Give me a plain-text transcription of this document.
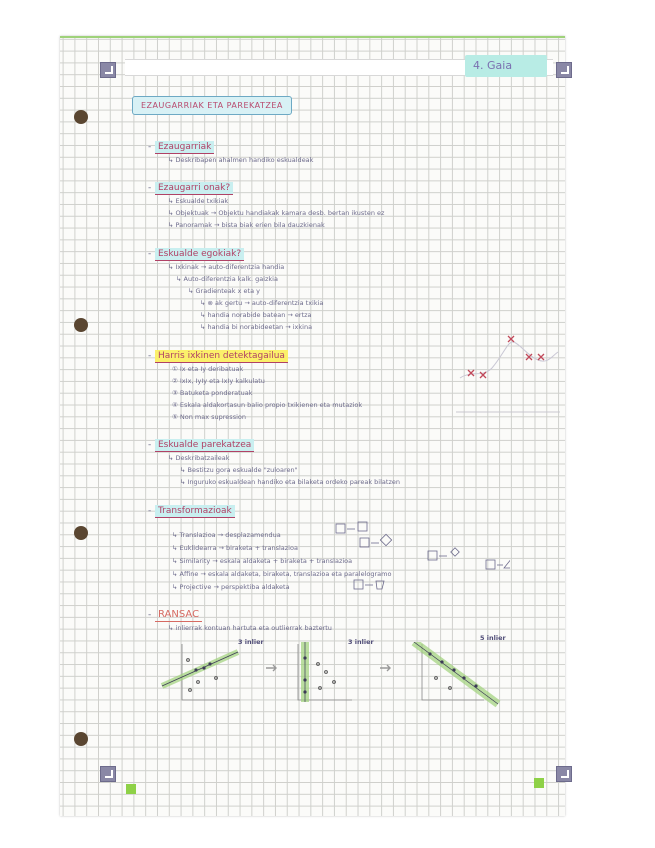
4. Gaia
EZAUGARRIAK ETA PAREKATZEA
- Ezaugarriak
↳ Deskribapen ahalmen handiko eskualdeak
- Ezaugarri onak?
↳ Eskualde txikiak
↳ Objektuak → Objektu handiakak kamara desb. bertan ikusten ez
↳ Panoramak → bista biak erien bila dauzkienak
- Eskualde egokiak?
↳ Ixkinak → auto-diferentzia handia
↳ Auto-diferentzia kalk. gaizkia
↳ Gradienteak x eta y
↳ ⊗ ak gertu → auto-diferentzia txikia
↳ handia norabide batean → ertza
↳ handia bi norabideetan → ixkina
- Harris ixkinen detektagailua
① Ix eta Iy deribatuak
② IxIx, IyIy eta IxIy kalkulatu
③ Batuketa ponderatuak
④ Eskala aldakortasun balio propio txikienen eta mutaziok
⑤ Non max supression
- Eskualde parekatzea
↳ Deskribatzaileak
↳ Bestitzu gora eskualde "zuloaren"
↳ Inguruko eskualdean handiko eta bilaketa ordeko pareak bilatzen
- Transformazioak
↳ Translazioa → desplazamendua
↳ Euklidearra → biraketa + translazioa
↳ Similarity → eskala aldaketa + biraketa + translazioa
↳ Affine → eskala aldaketa, biraketa, translazioa eta paralelogramo
↳ Projective → perspektiba aldaketa
- RANSAC
↳ inlierrak kontuan hartuta eta outlierrak baztertu
3 inlier	3 inlier	5 inlier
